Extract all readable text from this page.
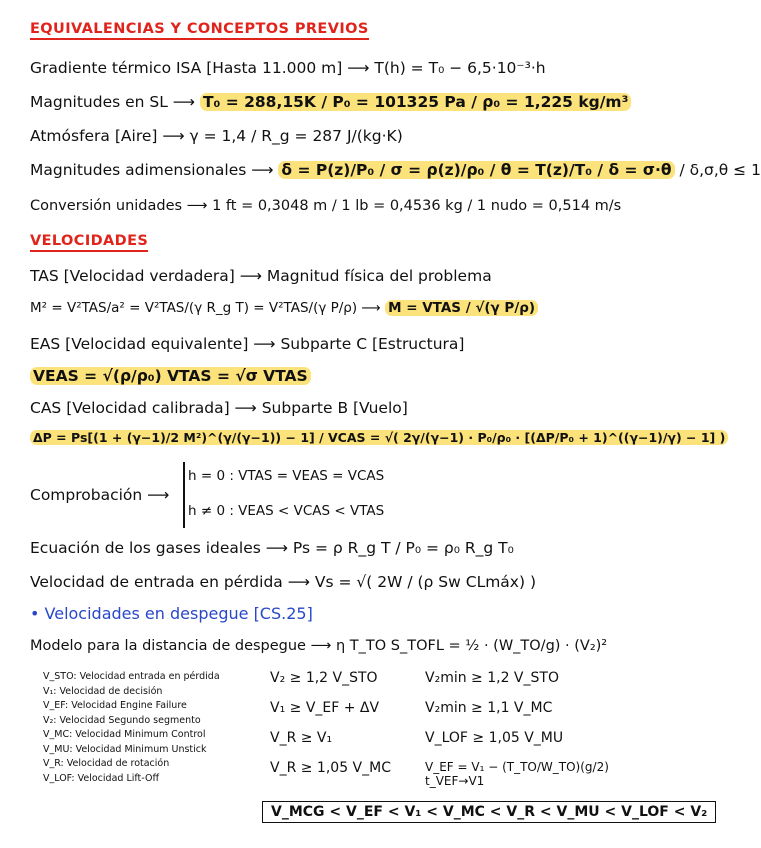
EQUIVALENCIAS Y CONCEPTOS PREVIOS
Gradiente térmico ISA [Hasta 11.000 m] ⟶ T(h) = T₀ − 6,5·10⁻³·h
Magnitudes en SL ⟶ T₀ = 288,15K / P₀ = 101325 Pa / ρ₀ = 1,225 kg/m³
Atmósfera [Aire] ⟶ γ = 1,4 / R_g = 287 J/(kg·K)
Magnitudes adimensionales ⟶ δ = P(z)/P₀ / σ = ρ(z)/ρ₀ / θ = T(z)/T₀ / δ = σ·θ / δ,σ,θ ≤ 1
Conversión unidades ⟶ 1 ft = 0,3048 m / 1 lb = 0,4536 kg / 1 nudo = 0,514 m/s
VELOCIDADES
TAS [Velocidad verdadera] ⟶ Magnitud física del problema
M² = V²TAS/a² = V²TAS/(γ R_g T) = V²TAS/(γ P/ρ) ⟶ M = VTAS / √(γ P/ρ)
EAS [Velocidad equivalente] ⟶ Subparte C [Estructura]
VEAS = √(ρ/ρ₀) VTAS = √σ VTAS
CAS [Velocidad calibrada] ⟶ Subparte B [Vuelo]
ΔP = Ps[(1 + (γ−1)/2 M²)^(γ/(γ−1)) − 1] / VCAS = √( 2γ/(γ−1) · P₀/ρ₀ · [(ΔP/P₀ + 1)^((γ−1)/γ) − 1] )
Comprobación ⟶
h = 0 : VTAS = VEAS = VCAS
h ≠ 0 : VEAS < VCAS < VTAS
Ecuación de los gases ideales ⟶ Ps = ρ R_g T / P₀ = ρ₀ R_g T₀
Velocidad de entrada en pérdida ⟶ Vs = √( 2W / (ρ Sw CLmáx) )
• Velocidades en despegue [CS.25]
Modelo para la distancia de despegue ⟶ η T_TO S_TOFL = ½ · (W_TO/g) · (V₂)²
V_STO: Velocidad entrada en pérdida
V₁: Velocidad de decisión
V_EF: Velocidad Engine Failure
V₂: Velocidad Segundo segmento
V_MC: Velocidad Minimum Control
V_MU: Velocidad Minimum Unstick
V_R: Velocidad de rotación
V_LOF: Velocidad Lift-Off
V₂ ≥ 1,2 V_STO	V₂min ≥ 1,2 V_STO
V₁ ≥ V_EF + ΔV	V₂min ≥ 1,1 V_MC
V_R ≥ V₁	V_LOF ≥ 1,05 V_MU
V_R ≥ 1,05 V_MC	V_EF = V₁ − (T_TO/W_TO)(g/2) t_VEF→V1
V_MCG < V_EF < V₁ < V_MC < V_R < V_MU < V_LOF < V₂
